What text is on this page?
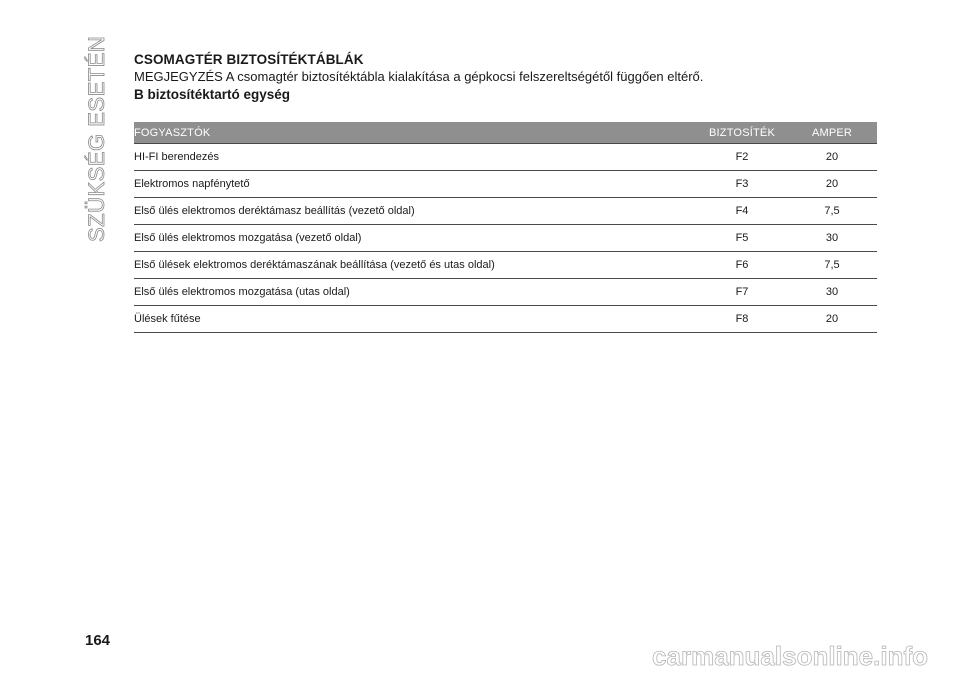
SZÜKSÉG ESETÉN CSOMAGTÉR BIZTOSÍTÉKTÁBLÁK
MEGJEGYZÉS A csomagtér biztosítéktábla kialakítása a gépkocsi felszereltségétől függően eltérő.
B biztosítéktartó egység
FOGYASZTÓK	BIZTOSÍTÉK	AMPER
HI-FI berendezés	F2	20
Elektromos napfénytető	F3	20
Első ülés elektromos deréktámasz beállítás (vezető oldal)	F4	7,5
Első ülés elektromos mozgatása (vezető oldal)	F5	30
Első ülések elektromos deréktámaszának beállítása (vezető és utas oldal)	F6	7,5
Első ülés elektromos mozgatása (utas oldal)	F7	30
Ülések fűtése	F8	20
164
carmanualsonline.info
